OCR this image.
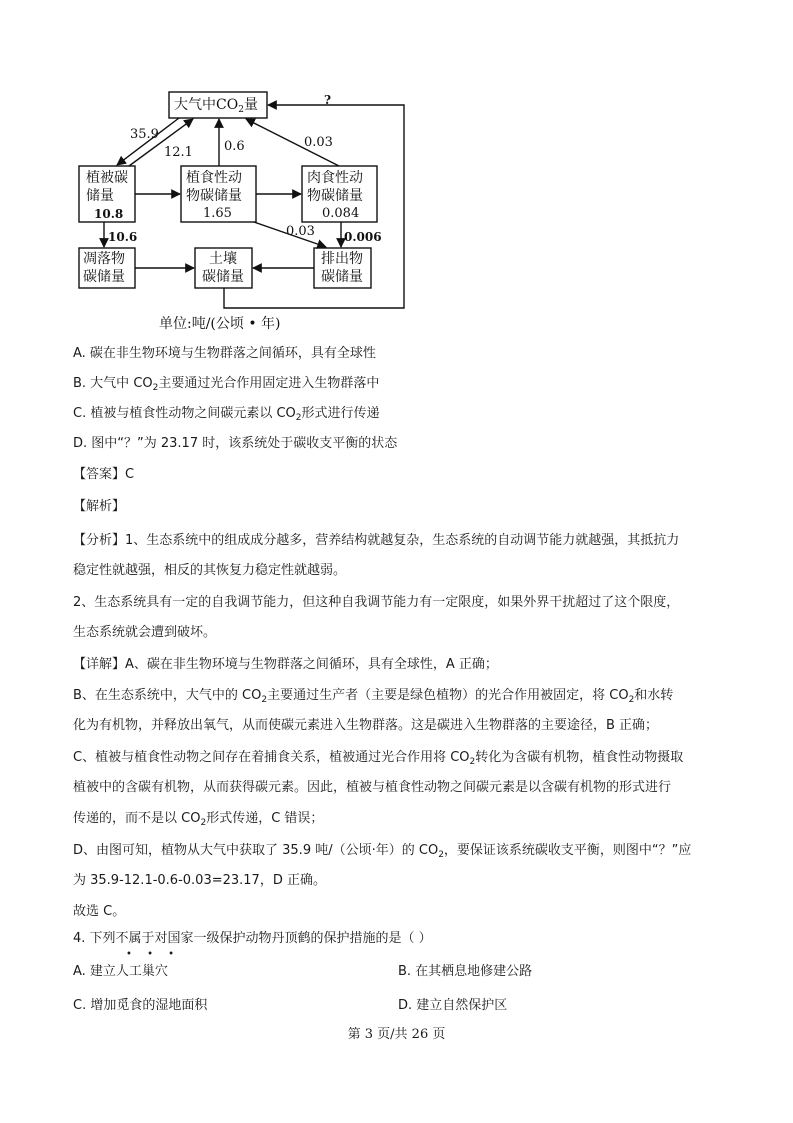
大气中$CO_2$量
植被碳
储量
10.8
植食性动
物碳储量
1.65
肉食性动
物碳储量
0.084
凋落物
碳储量
土壤
碳储量
排出物
碳储量
35.9
12.1 0.6	0.03
?
10.6	0.03 0.006
单位:吨/(公顷 • 年)
A. 碳在非生物环境与生物群落之间循环，具有全球性
B. 大气中 $CO_2$主要通过光合作用固定进入生物群落中
C. 植被与植食性动物之间碳元素以 $CO_2$形式进行传递
D. 图中“？”为 23.17 时，该系统处于碳收支平衡的状态
【答案】C
【解析】
【分析】1、生态系统中的组成成分越多，营养结构就越复杂，生态系统的自动调节能力就越强，其抵抗力
稳定性就越强，相反的其恢复力稳定性就越弱。
2、生态系统具有一定的自我调节能力，但这种自我调节能力有一定限度，如果外界干扰超过了这个限度，
生态系统就会遭到破坏。
【详解】A、碳在非生物环境与生物群落之间循环，具有全球性，A 正确；
B、在生态系统中，大气中的 $CO_2$主要通过生产者（主要是绿色植物）的光合作用被固定，将 $CO_2$和水转
化为有机物，并释放出氧气，从而使碳元素进入生物群落。这是碳进入生物群落的主要途径，B 正确；
C、植被与植食性动物之间存在着捕食关系，植被通过光合作用将 $CO_2$转化为含碳有机物，植食性动物摄取
植被中的含碳有机物，从而获得碳元素。因此，植被与植食性动物之间碳元素是以含碳有机物的形式进行
传递的，而不是以 $CO_2$形式传递，C 错误；
D、由图可知，植物从大气中获取了 35.9 吨/（公顷·年）的 $CO_2$，要保证该系统碳收支平衡，则图中“？”应
为 35.9-12.1-0.6-0.03=23.17，D 正确。
故选 C。
4. 下列不属于对国家一级保护动物丹顶鹤的保护措施的是（ ）
• • •
A. 建立人工巢穴	B. 在其栖息地修建公路
C. 增加觅食的湿地面积	D. 建立自然保护区
第 3 页/共 26 页
